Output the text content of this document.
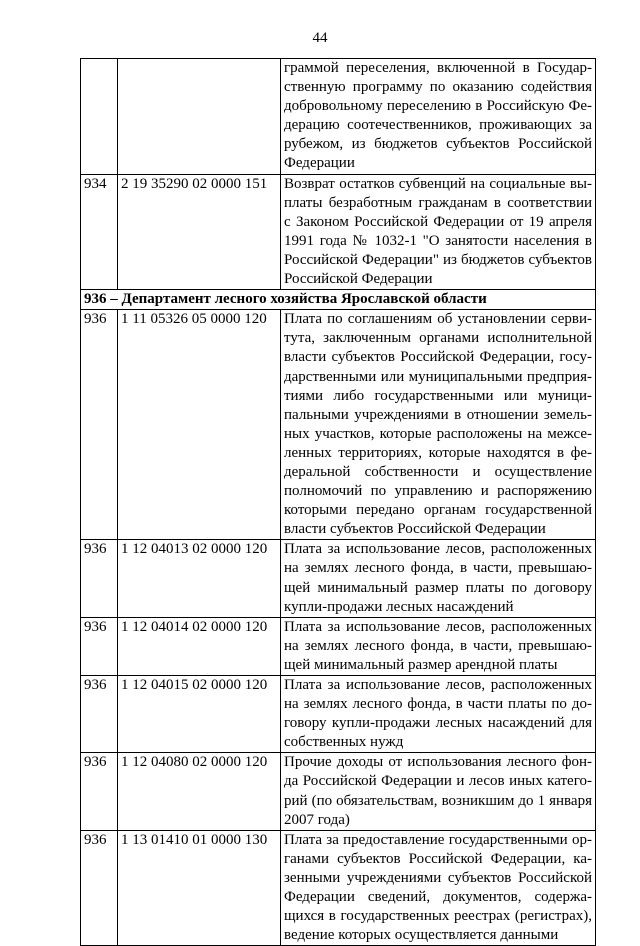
44
		граммой переселения, включенной в Государственную программу по оказанию содействия добровольному переселению в Российскую Федерацию соотечественников, проживающих за рубежом, из бюджетов субъектов Российской Федерации
934	2 19 35290 02 0000 151	Возврат остатков субвенций на социальные выплаты безработным гражданам в соответствии с Законом Российской Федерации от 19 апреля 1991 года № 1032-1 "О занятости населения в Российской Федерации" из бюджетов субъектов Российской Федерации
936 – Департамент лесного хозяйства Ярославской области		
936	1 11 05326 05 0000 120	Плата по соглашениям об установлении сервитута, заключенным органами исполнительной власти субъектов Российской Федерации, государственными или муниципальными предприятиями либо государственными или муниципальными учреждениями в отношении земельных участков, которые расположены на межселенных территориях, которые находятся в федеральной собственности и осуществление полномочий по управлению и распоряжению которыми передано органам государственной власти субъектов Российской Федерации
936	1 12 04013 02 0000 120	Плата за использование лесов, расположенных на землях лесного фонда, в части, превышающей минимальный размер платы по договору купли-продажи лесных насаждений
936	1 12 04014 02 0000 120	Плата за использование лесов, расположенных на землях лесного фонда, в части, превышающей минимальный размер арендной платы
936	1 12 04015 02 0000 120	Плата за использование лесов, расположенных на землях лесного фонда, в части платы по договору купли-продажи лесных насаждений для собственных нужд
936	1 12 04080 02 0000 120	Прочие доходы от использования лесного фонда Российской Федерации и лесов иных категорий (по обязательствам, возникшим до 1 января 2007 года)
936	1 13 01410 01 0000 130	Плата за предоставление государственными органами субъектов Российской Федерации, казенными учреждениями субъектов Российской Федерации сведений, документов, содержащихся в государственных реестрах (регистрах), ведение которых осуществляется данными
